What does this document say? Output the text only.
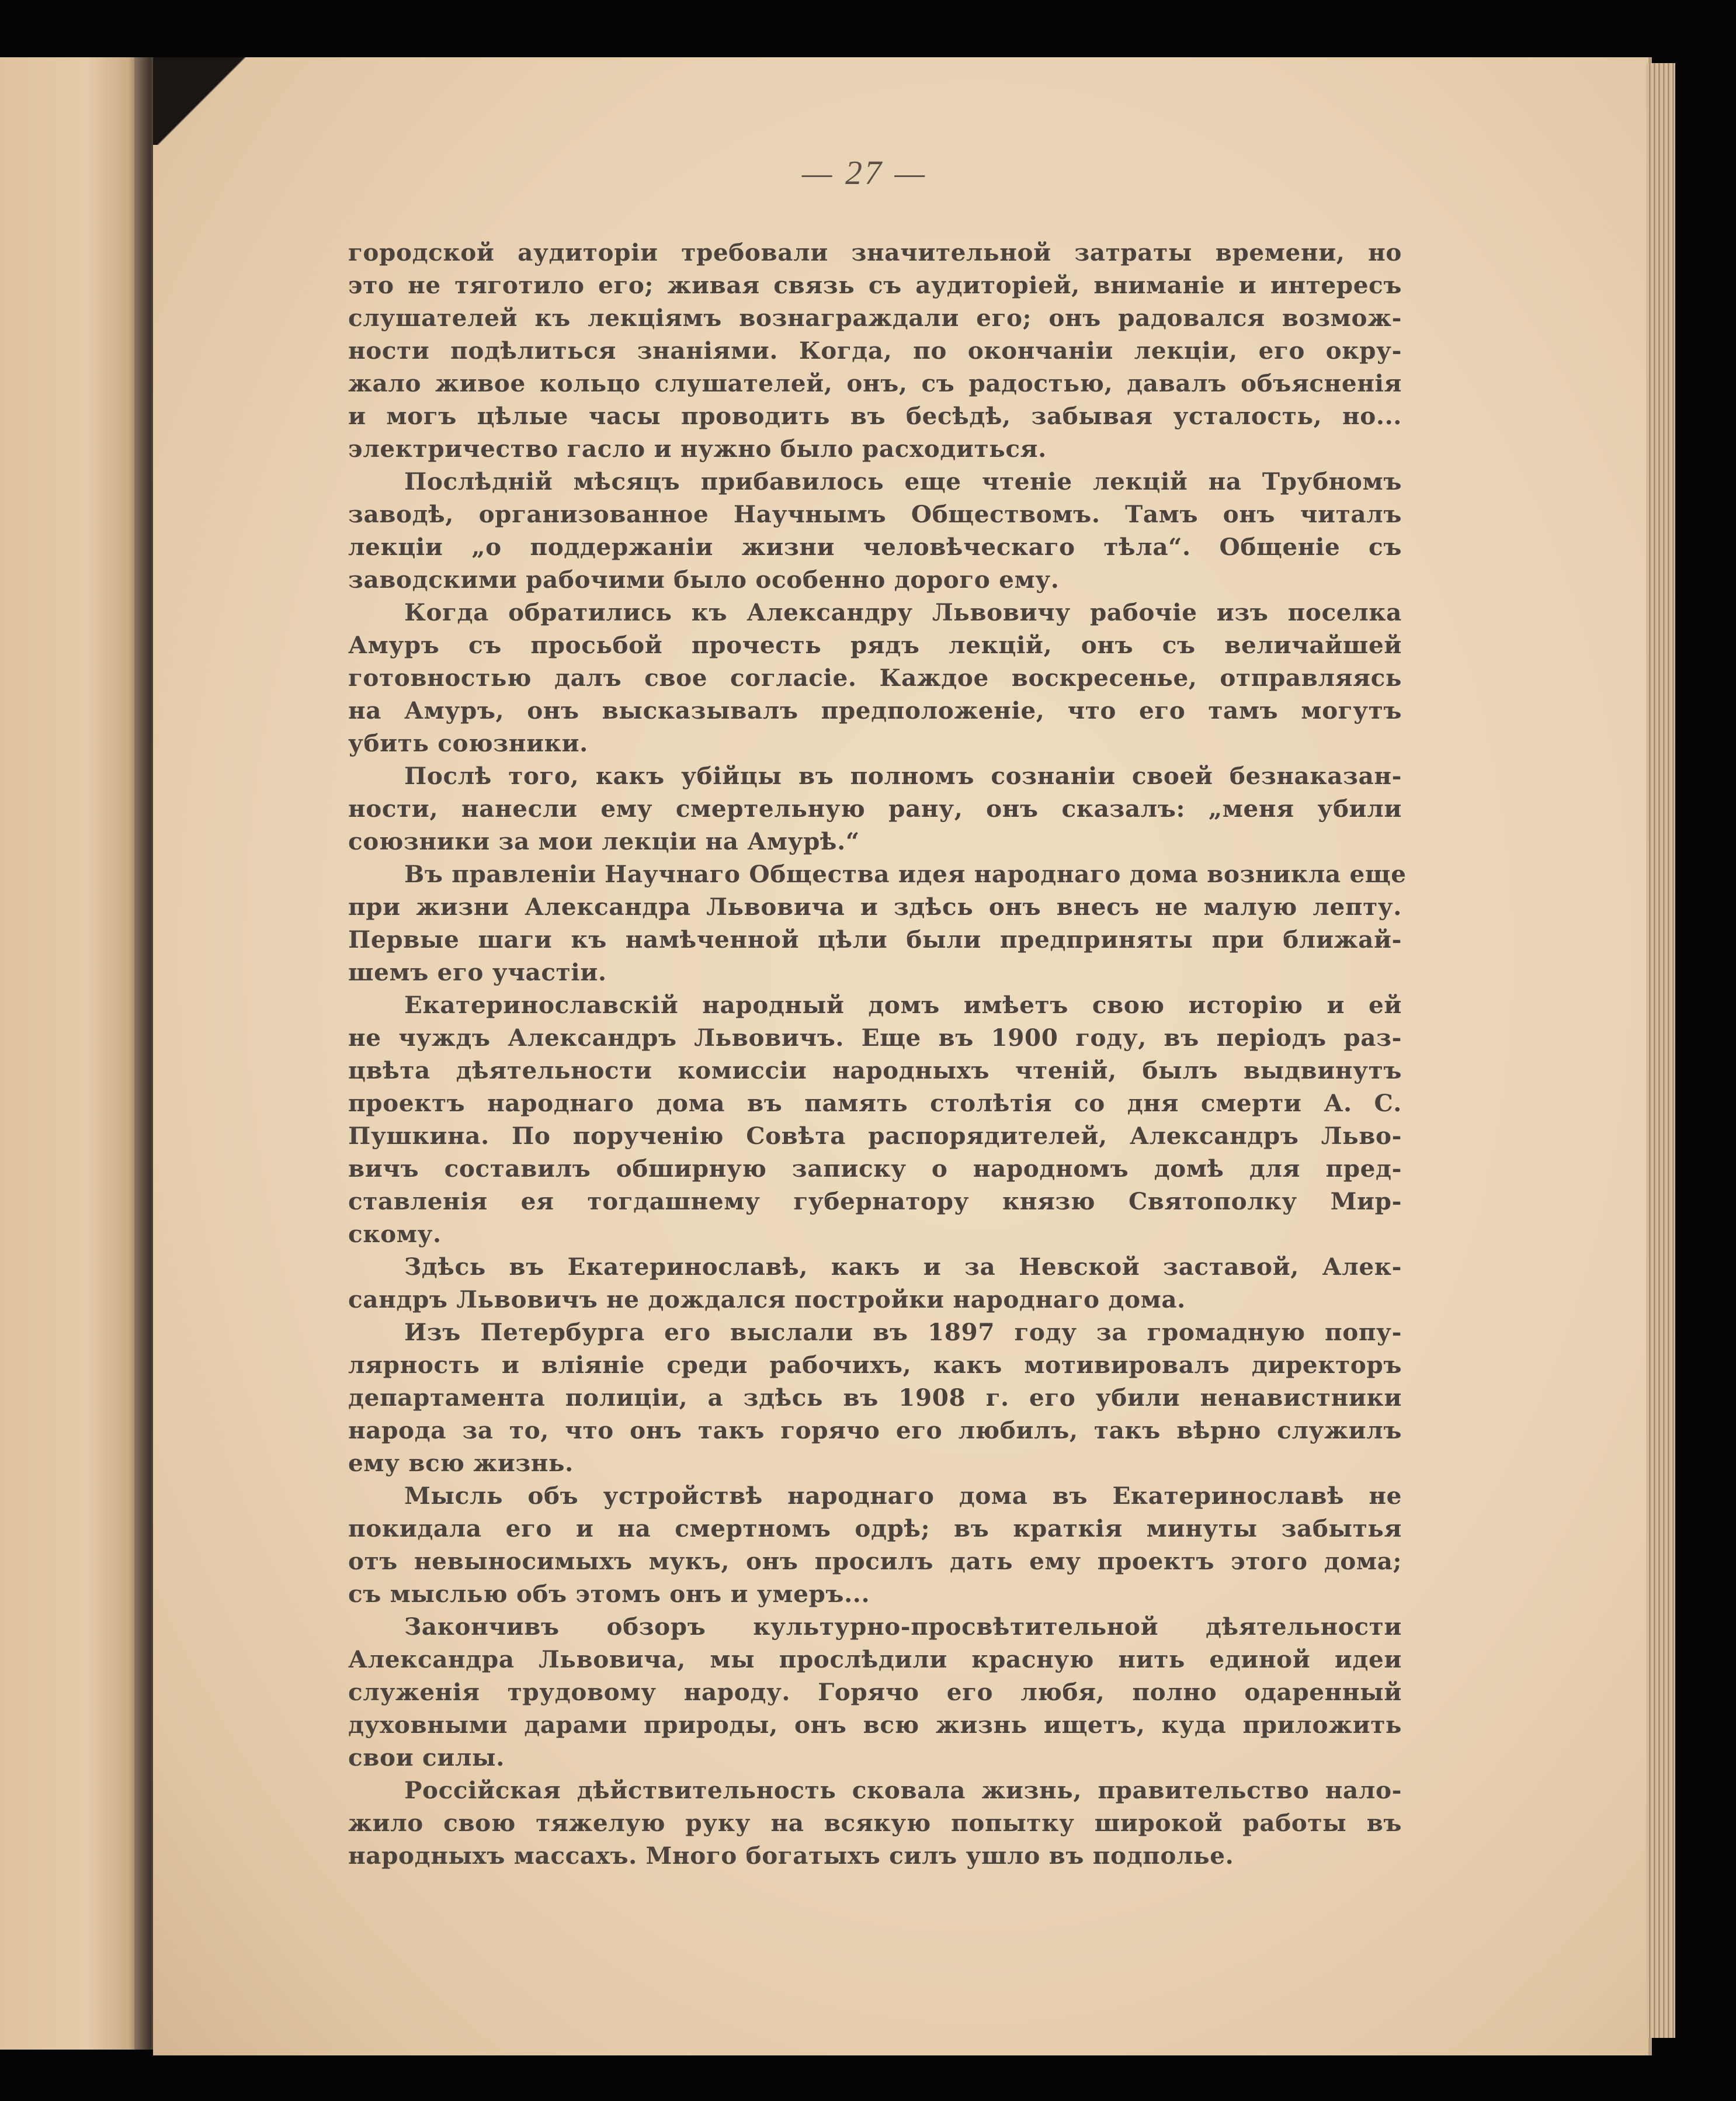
— 27 —
городской аудиторіи требовали значительной затраты времени, но
это не тяготило его; живая связь съ аудиторіей, вниманіе и интересъ
слушателей къ лекціямъ вознаграждали его; онъ радовался возмож-
ности подѣлиться знаніями. Когда, по окончаніи лекціи, его окру-
жало живое кольцо слушателей, онъ, съ радостью, давалъ объясненія
и могъ цѣлые часы проводить въ бесѣдѣ, забывая усталость, но...
электричество гасло и нужно было расходиться.
Послѣдній мѣсяцъ прибавилось еще чтеніе лекцій на Трубномъ
заводѣ, организованное Научнымъ Обществомъ. Тамъ онъ читалъ
лекціи „о поддержаніи жизни человѣческаго тѣла“. Общеніе съ
заводскими рабочими было особенно дорого ему.
Когда обратились къ Александру Львовичу рабочіе изъ поселка
Амуръ съ просьбой прочесть рядъ лекцій, онъ съ величайшей
готовностью далъ свое согласіе. Каждое воскресенье, отправляясь
на Амуръ, онъ высказывалъ предположеніе, что его тамъ могутъ
убить союзники.
Послѣ того, какъ убійцы въ полномъ сознаніи своей безнаказан-
ности, нанесли ему смертельную рану, онъ сказалъ: „меня убили
союзники за мои лекціи на Амурѣ.“
Въ правленіи Научнаго Общества идея народнаго дома возникла еще
при жизни Александра Львовича и здѣсь онъ внесъ не малую лепту.
Первые шаги къ намѣченной цѣли были предприняты при ближай-
шемъ его участіи.
Екатеринославскій народный домъ имѣетъ свою исторію и ей
не чуждъ Александръ Львовичъ. Еще въ 1900 году, въ періодъ раз-
цвѣта дѣятельности комиссіи народныхъ чтеній, былъ выдвинутъ
проектъ народнаго дома въ память столѣтія со дня смерти А. С.
Пушкина. По порученію Совѣта распорядителей, Александръ Льво-
вичъ составилъ обширную записку о народномъ домѣ для пред-
ставленія ея тогдашнему губернатору князю Святополку Мир-
скому.
Здѣсь въ Екатеринославѣ, какъ и за Невской заставой, Алек-
сандръ Львовичъ не дождался постройки народнаго дома.
Изъ Петербурга его выслали въ 1897 году за громадную попу-
лярность и вліяніе среди рабочихъ, какъ мотивировалъ директоръ
департамента полиціи, а здѣсь въ 1908 г. его убили ненавистники
народа за то, что онъ такъ горячо его любилъ, такъ вѣрно служилъ
ему всю жизнь.
Мысль объ устройствѣ народнаго дома въ Екатеринославѣ не
покидала его и на смертномъ одрѣ; въ краткія минуты забытья
отъ невыносимыхъ мукъ, онъ просилъ дать ему проектъ этого дома;
съ мыслью объ этомъ онъ и умеръ...
Закончивъ обзоръ культурно-просвѣтительной дѣятельности
Александра Львовича, мы прослѣдили красную нить единой идеи
служенія трудовому народу. Горячо его любя, полно одаренный
духовными дарами природы, онъ всю жизнь ищетъ, куда приложить
свои силы.
Россійская дѣйствительность сковала жизнь, правительство нало-
жило свою тяжелую руку на всякую попытку широкой работы въ
народныхъ массахъ. Много богатыхъ силъ ушло въ подполье.
